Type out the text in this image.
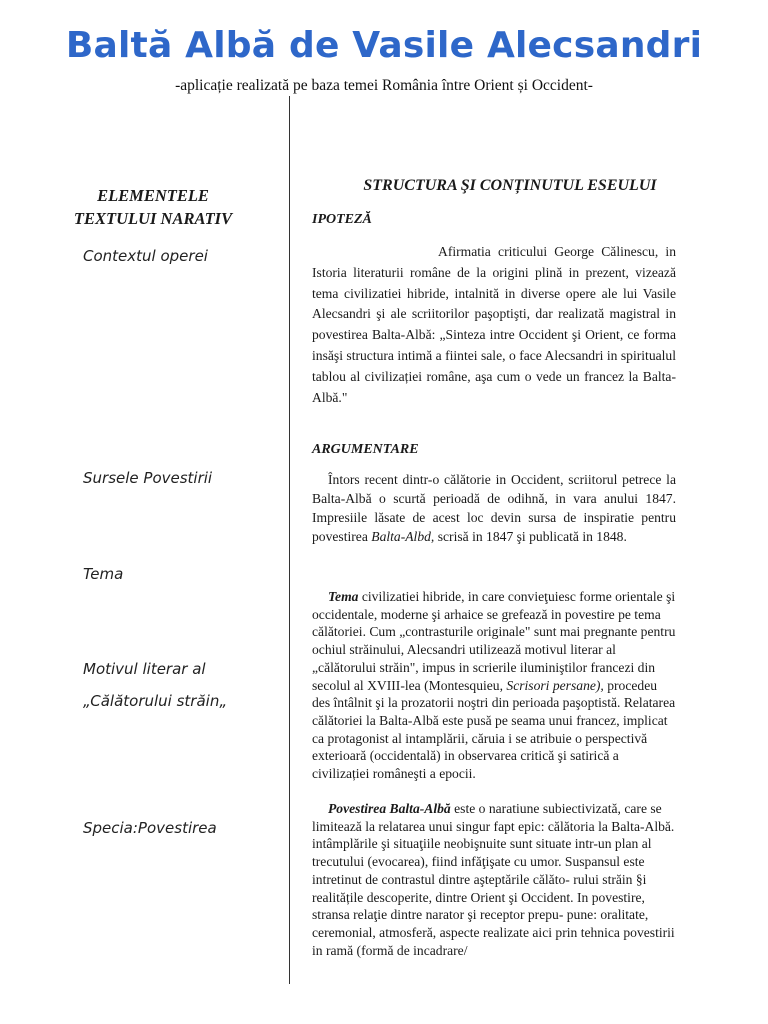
Baltă Albă de Vasile Alecsandri

-aplicație realizată pe baza temei România între Orient și Occident-

ELEMENTELE TEXTULUI NARATIV

Contextul operei

Sursele Povestirii

Tema

Motivul literar al

„Călătorului străin„

Specia:Povestirea

STRUCTURA ŞI CONȚINUTUL ESEULUI

IPOTEZĂ

Afirmatia criticului George Călinescu, in Istoria literaturii române de la origini plină in prezent, vizează tema civilizatiei hibride, intalnită in diverse opere ale lui Vasile Alecsandri şi ale scriitorilor paşoptişti, dar realizată magistral in povestirea Balta-Albă: „Sinteza intre Occident şi Orient, ce forma insăşi structura intimă a fiintei sale, o face Alecsandri in spiritualul tablou al civilizației române, aşa cum o vede un francez la Balta-Albă."

ARGUMENTARE

Întors recent dintr-o călătorie in Occident, scriitorul petrece la Balta-Albă o scurtă perioadă de odihnă, in vara anului 1847. Impresiile lăsate de acest loc devin sursa de inspiratie pentru povestirea Balta-Albd, scrisă in 1847 şi publicată in 1848.

Tema civilizatiei hibride, in care convieţuiesc forme orientale şi occidentale, moderne şi arhaice se grefează in povestire pe tema călătoriei. Cum „contrasturile originale" sunt mai pregnante pentru ochiul străinului, Alecsandri utilizează motivul literar al „călătorului străin", impus in scrierile iluminiştilor francezi din secolul al XVIII-lea (Montesquieu, Scrisori persane), procedeu des întâlnit şi la prozatorii noştri din perioada paşoptistă. Relatarea călătoriei la Balta-Albă este pusă pe seama unui francez, implicat ca protagonist al intamplării, căruia i se atribuie o perspectivă exterioară (occidentală) in observarea critică şi satirică a civilizației româneşti a epocii.

Povestirea Balta-Albă este o naratiune subiectivizată, care se limitează la relatarea unui singur fapt epic: călătoria la Balta-Albă. intâmplările şi situaţiile neobişnuite sunt situate intr-un plan al trecutului (evocarea), fiind infăţişate cu umor. Suspansul este intretinut de contrastul dintre aşteptările călăto- rului străin §i realitățile descoperite, dintre Orient şi Occident. In povestire, stransa relaţie dintre narator şi receptor prepu- pune: oralitate, ceremonial, atmosferă, aspecte realizate aici prin tehnica povestirii in ramă (formă de incadrare/
